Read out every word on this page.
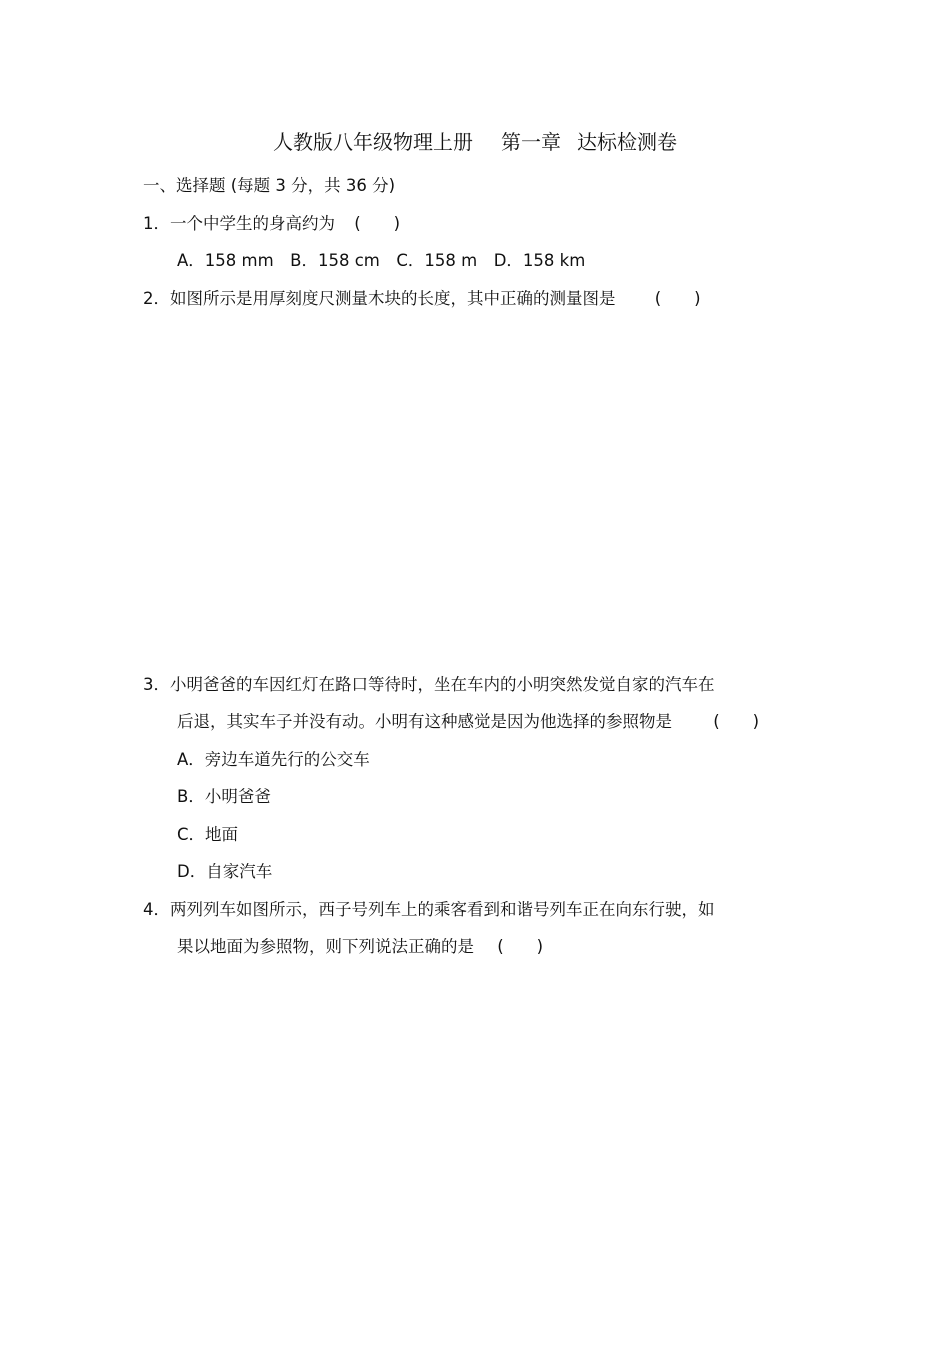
人教版八年级物理上册 第一章 达标检测卷
一、选择题 (每题 3 分，共 36 分)
1．一个中学生的身高约为 (　　)
A．158 mm　B．158 cm　C．158 m　D．158 km
2．如图所示是用厚刻度尺测量木块的长度，其中正确的测量图是 (　　)
3．小明爸爸的车因红灯在路口等待时，坐在车内的小明突然发觉自家的汽车在
后退，其实车子并没有动。小明有这种感觉是因为他选择的参照物是	(　　)
A．旁边车道先行的公交车
B．小明爸爸
C．地面
D．自家汽车
4．两列列车如图所示，西子号列车上的乘客看到和谐号列车正在向东行驶，如
果以地面为参照物，则下列说法正确的是 (　　)
